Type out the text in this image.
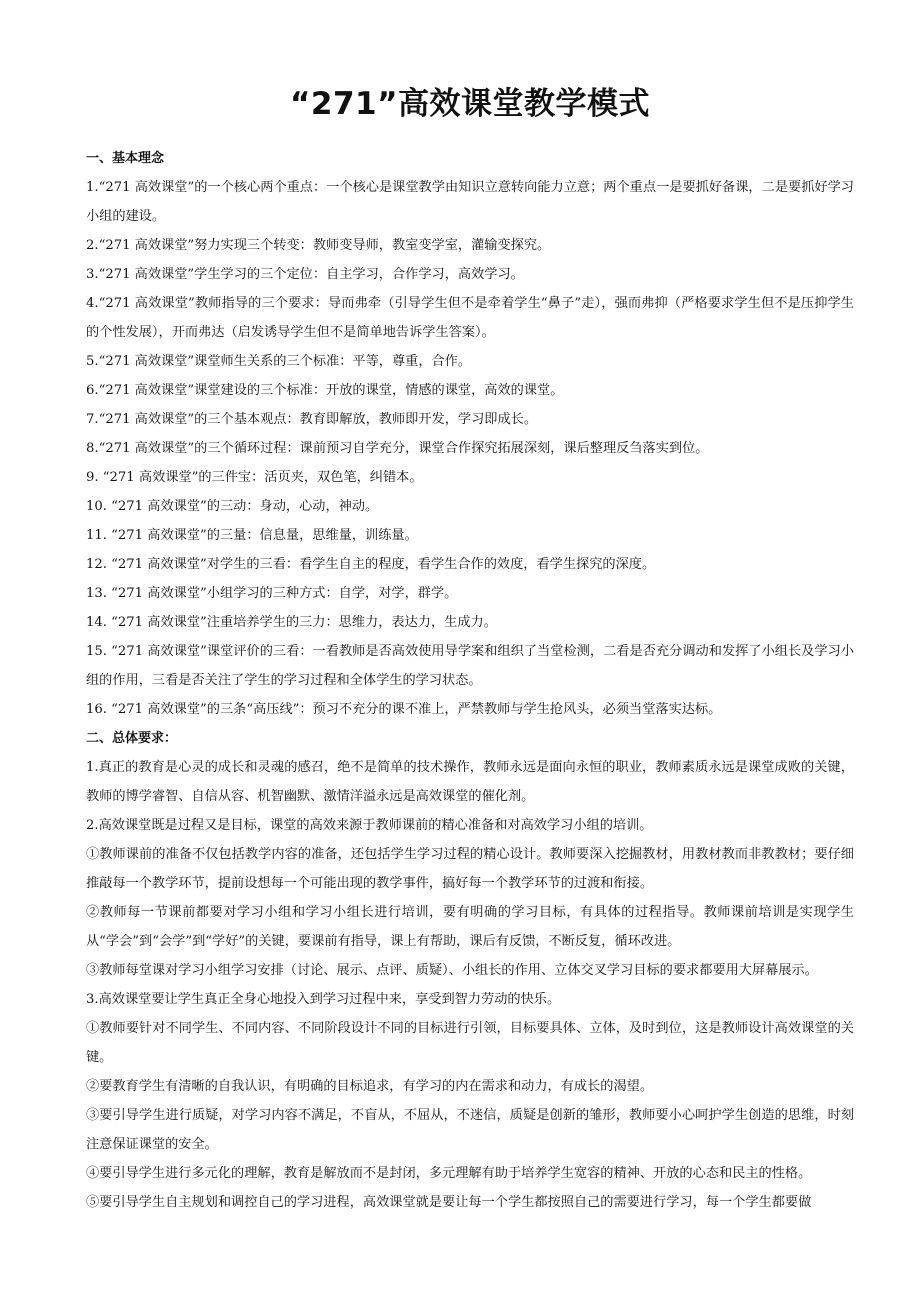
“271”高效课堂教学模式

一、基本理念

1.“271 高效课堂”的一个核心两个重点：一个核心是课堂教学由知识立意转向能力立意；两个重点一是要抓好备课，二是要抓好学习小组的建设。

2.“271 高效课堂”努力实现三个转变：教师变导师，教室变学室，灌输变探究。

3.“271 高效课堂”学生学习的三个定位：自主学习，合作学习，高效学习。

4.“271 高效课堂”教师指导的三个要求：导而弗牵（引导学生但不是牵着学生“鼻子”走），强而弗抑（严格要求学生但不是压抑学生的个性发展），开而弗达（启发诱导学生但不是简单地告诉学生答案）。

5.“271 高效课堂”课堂师生关系的三个标准：平等，尊重，合作。

6.“271 高效课堂”课堂建设的三个标准：开放的课堂，情感的课堂，高效的课堂。

7.“271 高效课堂”的三个基本观点：教育即解放，教师即开发，学习即成长。

8.“271 高效课堂”的三个循环过程：课前预习自学充分，课堂合作探究拓展深刻，课后整理反刍落实到位。

9. “271 高效课堂”的三件宝：活页夹，双色笔，纠错本。

10. “271 高效课堂”的三动：身动，心动，神动。

11. “271 高效课堂”的三量：信息量，思维量，训练量。

12. “271 高效课堂”对学生的三看：看学生自主的程度，看学生合作的效度，看学生探究的深度。

13. “271 高效课堂”小组学习的三种方式：自学，对学，群学。

14. “271 高效课堂”注重培养学生的三力：思维力，表达力，生成力。

15. “271 高效课堂”课堂评价的三看：一看教师是否高效使用导学案和组织了当堂检测，二看是否充分调动和发挥了小组长及学习小组的作用，三看是否关注了学生的学习过程和全体学生的学习状态。

16. “271 高效课堂”的三条“高压线”：预习不充分的课不准上，严禁教师与学生抢风头，必须当堂落实达标。

二、总体要求：

1.真正的教育是心灵的成长和灵魂的感召，绝不是简单的技术操作，教师永远是面向永恒的职业，教师素质永远是课堂成败的关键，教师的博学睿智、自信从容、机智幽默、激情洋溢永远是高效课堂的催化剂。

2.高效课堂既是过程又是目标，课堂的高效来源于教师课前的精心准备和对高效学习小组的培训。

①教师课前的准备不仅包括教学内容的准备，还包括学生学习过程的精心设计。教师要深入挖掘教材，用教材教而非教教材；要仔细推敲每一个教学环节，提前设想每一个可能出现的教学事件，搞好每一个教学环节的过渡和衔接。

②教师每一节课前都要对学习小组和学习小组长进行培训，要有明确的学习目标，有具体的过程指导。教师课前培训是实现学生从“学会”到“会学”到“学好”的关键，要课前有指导，课上有帮助，课后有反馈，不断反复，循环改进。

③教师每堂课对学习小组学习安排（讨论、展示、点评、质疑）、小组长的作用、立体交叉学习目标的要求都要用大屏幕展示。

3.高效课堂要让学生真正全身心地投入到学习过程中来，享受到智力劳动的快乐。

①教师要针对不同学生、不同内容、不同阶段设计不同的目标进行引领，目标要具体、立体，及时到位，这是教师设计高效课堂的关键。

②要教育学生有清晰的自我认识，有明确的目标追求，有学习的内在需求和动力，有成长的渴望。

③要引导学生进行质疑，对学习内容不满足，不盲从，不屈从，不迷信，质疑是创新的雏形，教师要小心呵护学生创造的思维，时刻注意保证课堂的安全。

④要引导学生进行多元化的理解，教育是解放而不是封闭，多元理解有助于培养学生宽容的精神、开放的心态和民主的性格。

⑤要引导学生自主规划和调控自己的学习进程，高效课堂就是要让每一个学生都按照自己的需要进行学习，每一个学生都要做
